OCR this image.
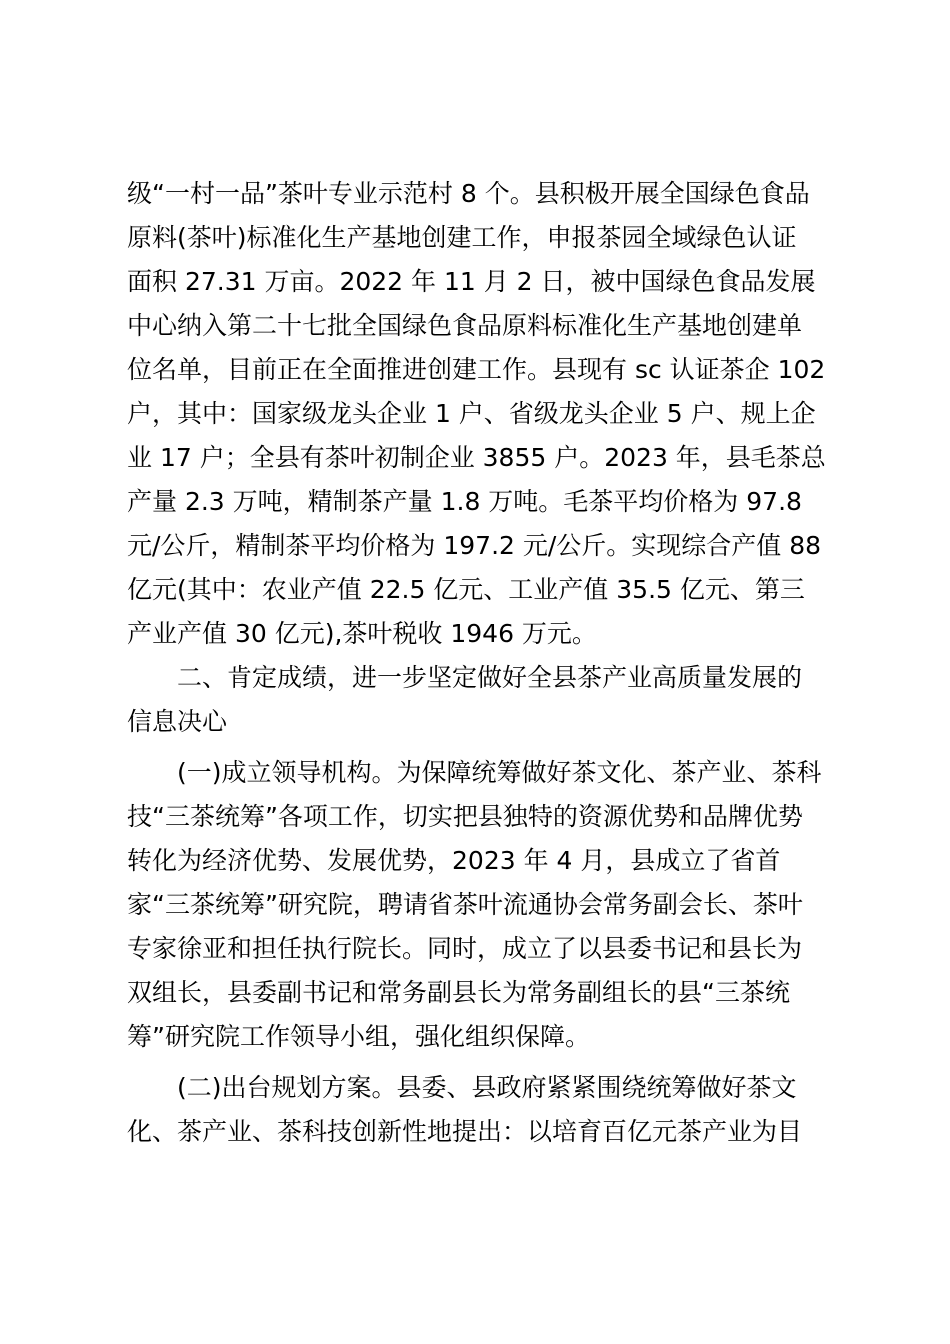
级“一村一品”茶叶专业示范村 8 个。县积极开展全国绿色食品
原料(茶叶)标准化生产基地创建工作，申报茶园全域绿色认证
面积 27.31 万亩。2022 年 11 月 2 日，被中国绿色食品发展
中心纳入第二十七批全国绿色食品原料标准化生产基地创建单
位名单，目前正在全面推进创建工作。县现有 sc 认证茶企 102
户，其中：国家级龙头企业 1 户、省级龙头企业 5 户、规上企
业 17 户；全县有茶叶初制企业 3855 户。2023 年，县毛茶总
产量 2.3 万吨，精制茶产量 1.8 万吨。毛茶平均价格为 97.8
元/公斤，精制茶平均价格为 197.2 元/公斤。实现综合产值 88
亿元(其中：农业产值 22.5 亿元、工业产值 35.5 亿元、第三
产业产值 30 亿元),茶叶税收 1946 万元。
二、肯定成绩，进一步坚定做好全县茶产业高质量发展的
信息决心
(一)成立领导机构。为保障统筹做好茶文化、茶产业、茶科
技“三茶统筹”各项工作，切实把县独特的资源优势和品牌优势
转化为经济优势、发展优势，2023 年 4 月，县成立了省首
家“三茶统筹”研究院，聘请省茶叶流通协会常务副会长、茶叶
专家徐亚和担任执行院长。同时，成立了以县委书记和县长为
双组长，县委副书记和常务副县长为常务副组长的县“三茶统
筹”研究院工作领导小组，强化组织保障。
(二)出台规划方案。县委、县政府紧紧围绕统筹做好茶文
化、茶产业、茶科技创新性地提出：以培育百亿元茶产业为目
